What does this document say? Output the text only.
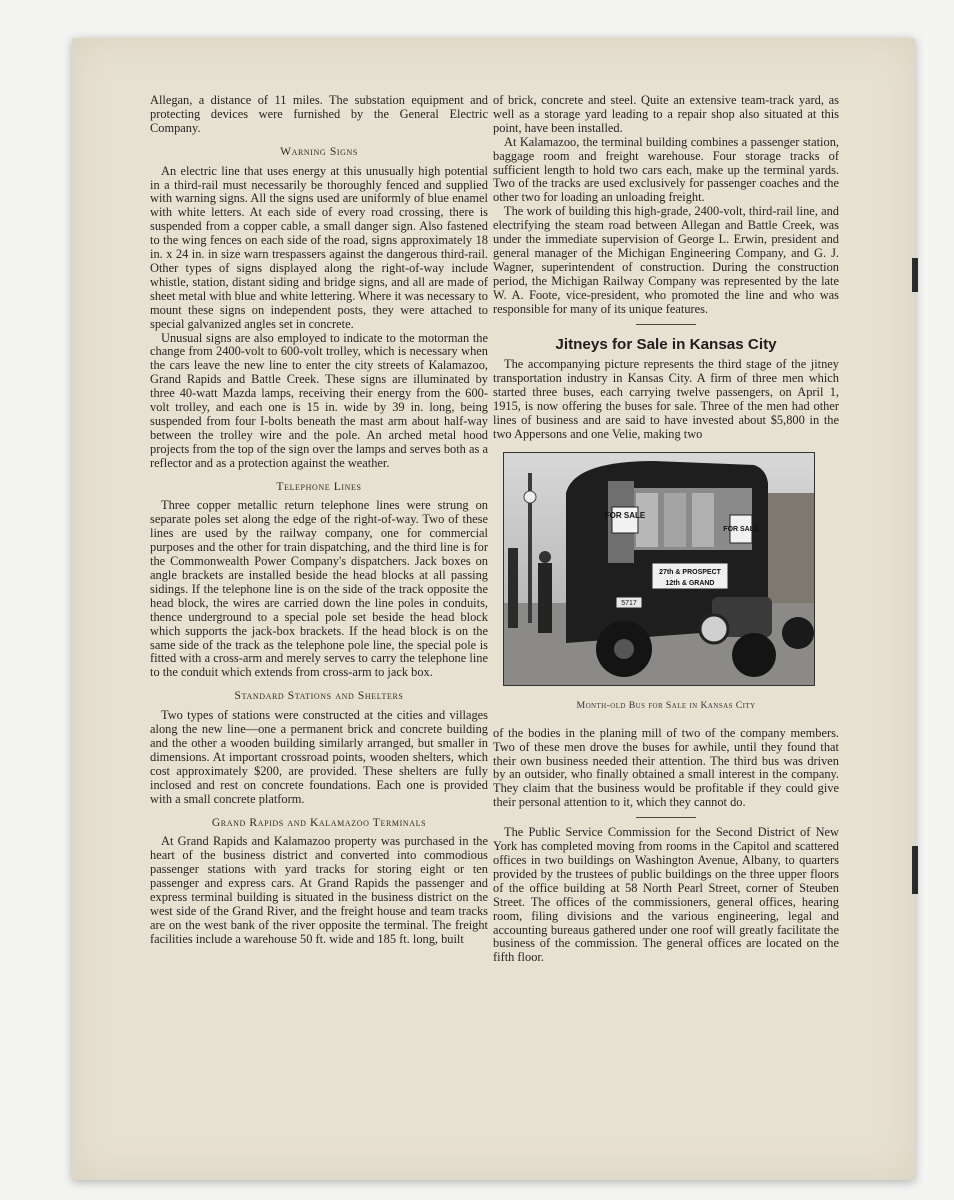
Allegan, a distance of 11 miles. The substation equipment and protecting devices were furnished by the General Electric Company.

Warning Signs

An electric line that uses energy at this unusually high potential in a third-rail must necessarily be thoroughly fenced and supplied with warning signs. All the signs used are uniformly of blue enamel with white letters. At each side of every road crossing, there is suspended from a copper cable, a small danger sign. Also fastened to the wing fences on each side of the road, signs approximately 18 in. x 24 in. in size warn trespassers against the dangerous third-rail. Other types of signs displayed along the right-of-way include whistle, station, distant siding and bridge signs, and all are made of sheet metal with blue and white lettering. Where it was necessary to mount these signs on independent posts, they were attached to special galvanized angles set in concrete.

Unusual signs are also employed to indicate to the motorman the change from 2400-volt to 600-volt trolley, which is necessary when the cars leave the new line to enter the city streets of Kalamazoo, Grand Rapids and Battle Creek. These signs are illuminated by three 40-watt Mazda lamps, receiving their energy from the 600-volt trolley, and each one is 15 in. wide by 39 in. long, being suspended from four I-bolts beneath the mast arm about half-way between the trolley wire and the pole. An arched metal hood projects from the top of the sign over the lamps and serves both as a reflector and as a protection against the weather.

Telephone Lines

Three copper metallic return telephone lines were strung on separate poles set along the edge of the right-of-way. Two of these lines are used by the railway company, one for commercial purposes and the other for train dispatching, and the third line is for the Commonwealth Power Company's dispatchers. Jack boxes on angle brackets are installed beside the head blocks at all passing sidings. If the telephone line is on the side of the track opposite the head block, the wires are carried down the line poles in conduits, thence underground to a special pole set beside the head block which supports the jack-box brackets. If the head block is on the same side of the track as the telephone pole line, the special pole is fitted with a cross-arm and merely serves to carry the telephone line to the conduit which extends from cross-arm to jack box.

Standard Stations and Shelters

Two types of stations were constructed at the cities and villages along the new line—one a permanent brick and concrete building and the other a wooden building similarly arranged, but smaller in dimensions. At important crossroad points, wooden shelters, which cost approximately $200, are provided. These shelters are fully inclosed and rest on concrete foundations. Each one is provided with a small concrete platform.

Grand Rapids and Kalamazoo Terminals

At Grand Rapids and Kalamazoo property was purchased in the heart of the business district and converted into commodious passenger stations with yard tracks for storing eight or ten passenger and express cars. At Grand Rapids the passenger and express terminal building is situated in the business district on the west side of the Grand River, and the freight house and team tracks are on the west bank of the river opposite the terminal. The freight facilities include a warehouse 50 ft. wide and 185 ft. long, built

of brick, concrete and steel. Quite an extensive team-track yard, as well as a storage yard leading to a repair shop also situated at this point, have been installed.

At Kalamazoo, the terminal building combines a passenger station, baggage room and freight warehouse. Four storage tracks of sufficient length to hold two cars each, make up the terminal yards. Two of the tracks are used exclusively for passenger coaches and the other two for loading an unloading freight.

The work of building this high-grade, 2400-volt, third-rail line, and electrifying the steam road between Allegan and Battle Creek, was under the immediate supervision of George L. Erwin, president and general manager of the Michigan Engineering Company, and G. J. Wagner, superintendent of construction. During the construction period, the Michigan Railway Company was represented by the late W. A. Foote, vice-president, who promoted the line and who was responsible for many of its unique features.

Jitneys for Sale in Kansas City

The accompanying picture represents the third stage of the jitney transportation industry in Kansas City. A firm of three men which started three buses, each carrying twelve passengers, on April 1, 1915, is now offering the buses for sale. Three of the men had other lines of business and are said to have invested about $5,800 in the two Appersons and one Velie, making two

FOR SALE
FOR SALE
27th & PROSPECT
12th & GRAND
5717
Month-old Bus for Sale in Kansas City

of the bodies in the planing mill of two of the company members. Two of these men drove the buses for awhile, until they found that their own business needed their attention. The third bus was driven by an outsider, who finally obtained a small interest in the company. They claim that the business would be profitable if they could give their personal attention to it, which they cannot do.

The Public Service Commission for the Second District of New York has completed moving from rooms in the Capitol and scattered offices in two buildings on Washington Avenue, Albany, to quarters provided by the trustees of public buildings on the three upper floors of the office building at 58 North Pearl Street, corner of Steuben Street. The offices of the commissioners, general offices, hearing room, filing divisions and the various engineering, legal and accounting bureaus gathered under one roof will greatly facilitate the business of the commission. The general offices are located on the fifth floor.
